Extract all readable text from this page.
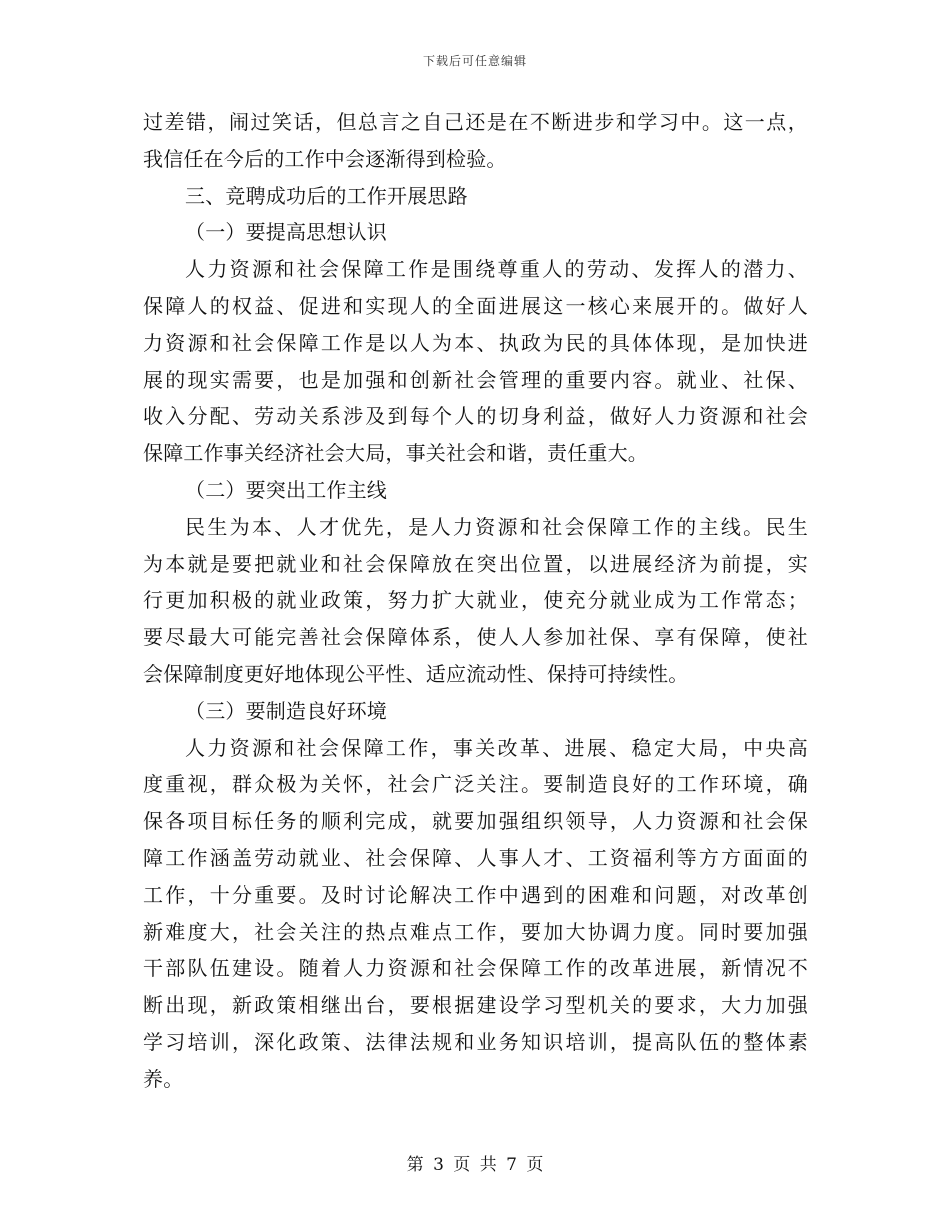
下载后可任意编辑
过差错，闹过笑话，但总言之自己还是在不断进步和学习中。这一点，
我信任在今后的工作中会逐渐得到检验。
三、竞聘成功后的工作开展思路
（一）要提高思想认识
人力资源和社会保障工作是围绕尊重人的劳动、发挥人的潜力、
保障人的权益、促进和实现人的全面进展这一核心来展开的。做好人
力资源和社会保障工作是以人为本、执政为民的具体体现，是加快进
展的现实需要，也是加强和创新社会管理的重要内容。就业、社保、
收入分配、劳动关系涉及到每个人的切身利益，做好人力资源和社会
保障工作事关经济社会大局，事关社会和谐，责任重大。
（二）要突出工作主线
民生为本、人才优先，是人力资源和社会保障工作的主线。民生
为本就是要把就业和社会保障放在突出位置，以进展经济为前提，实
行更加积极的就业政策，努力扩大就业，使充分就业成为工作常态；
要尽最大可能完善社会保障体系，使人人参加社保、享有保障，使社
会保障制度更好地体现公平性、适应流动性、保持可持续性。
（三）要制造良好环境
人力资源和社会保障工作，事关改革、进展、稳定大局，中央高
度重视，群众极为关怀，社会广泛关注。要制造良好的工作环境，确
保各项目标任务的顺利完成，就要加强组织领导，人力资源和社会保
障工作涵盖劳动就业、社会保障、人事人才、工资福利等方方面面的
工作，十分重要。及时讨论解决工作中遇到的困难和问题，对改革创
新难度大，社会关注的热点难点工作，要加大协调力度。同时要加强
干部队伍建设。随着人力资源和社会保障工作的改革进展，新情况不
断出现，新政策相继出台，要根据建设学习型机关的要求，大力加强
学习培训，深化政策、法律法规和业务知识培训，提高队伍的整体素
养。
第 3 页 共 7 页
